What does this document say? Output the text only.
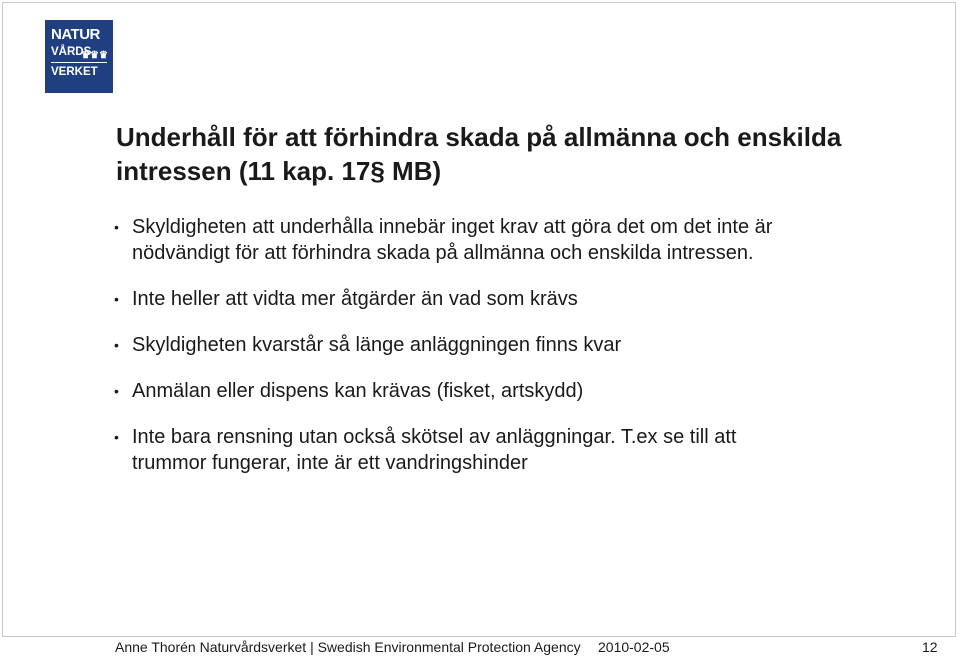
NATUR
VÅRDS
♛♛♛
VERKET
Underhåll för att förhindra skada på allmänna och enskilda intressen (11 kap. 17§ MB)
• Skyldigheten att underhålla innebär inget krav att göra det om det inte är nödvändigt för att förhindra skada på allmänna och enskilda intressen.
• Inte heller att vidta mer åtgärder än vad som krävs
• Skyldigheten kvarstår så länge anläggningen finns kvar
• Anmälan eller dispens kan krävas (fisket, artskydd)
• Inte bara rensning utan också skötsel av anläggningar. T.ex se till att trummor fungerar, inte är ett vandringshinder
Anne Thorén Naturvårdsverket | Swedish Environmental Protection Agency	2010-02-05	12
